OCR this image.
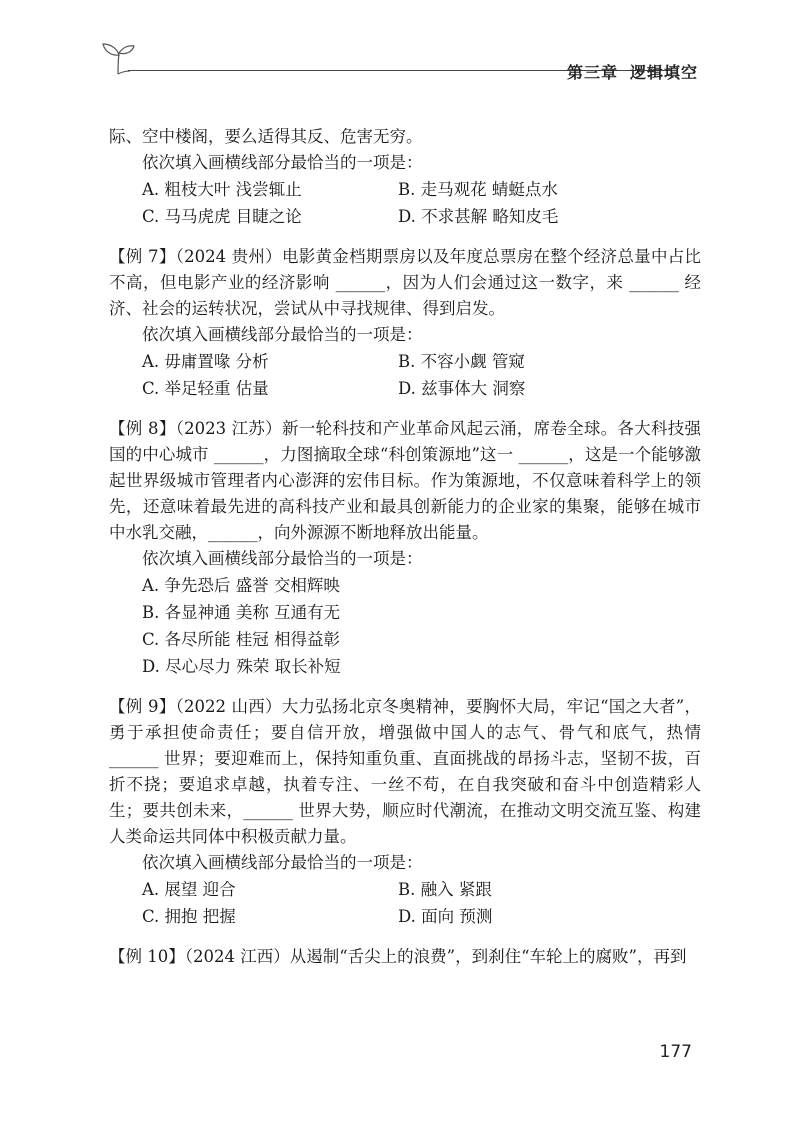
第三章 逻辑填空

际、空中楼阁，要么适得其反、危害无穷。

依次填入画横线部分最恰当的一项是：

A. 粗枝大叶 浅尝辄止	B. 走马观花 蜻蜓点水
C. 马马虎虎 目睫之论	D. 不求甚解 略知皮毛

【例 7】（2024 贵州）电影黄金档期票房以及年度总票房在整个经济总量中占比不高，但电影产业的经济影响 ______，因为人们会通过这一数字，来 ______ 经济、社会的运转状况，尝试从中寻找规律、得到启发。

依次填入画横线部分最恰当的一项是：

A. 毋庸置喙 分析	B. 不容小觑 管窥
C. 举足轻重 估量	D. 兹事体大 洞察

【例 8】（2023 江苏）新一轮科技和产业革命风起云涌，席卷全球。各大科技强国的中心城市 ______，力图摘取全球“科创策源地”这一 ______，这是一个能够激起世界级城市管理者内心澎湃的宏伟目标。作为策源地，不仅意味着科学上的领先，还意味着最先进的高科技产业和最具创新能力的企业家的集聚，能够在城市中水乳交融，______，向外源源不断地释放出能量。

依次填入画横线部分最恰当的一项是：

A. 争先恐后 盛誉 交相辉映

B. 各显神通 美称 互通有无

C. 各尽所能 桂冠 相得益彰

D. 尽心尽力 殊荣 取长补短

【例 9】（2022 山西）大力弘扬北京冬奥精神，要胸怀大局，牢记“国之大者”，勇于承担使命责任；要自信开放，增强做中国人的志气、骨气和底气，热情 ______ 世界；要迎难而上，保持知重负重、直面挑战的昂扬斗志，坚韧不拔，百折不挠；要追求卓越，执着专注、一丝不苟，在自我突破和奋斗中创造精彩人生；要共创未来，______ 世界大势，顺应时代潮流，在推动文明交流互鉴、构建人类命运共同体中积极贡献力量。

依次填入画横线部分最恰当的一项是：

A. 展望 迎合	B. 融入 紧跟
C. 拥抱 把握	D. 面向 预测

【例 10】（2024 江西）从遏制“舌尖上的浪费”，到刹住“车轮上的腐败”，再到

177
